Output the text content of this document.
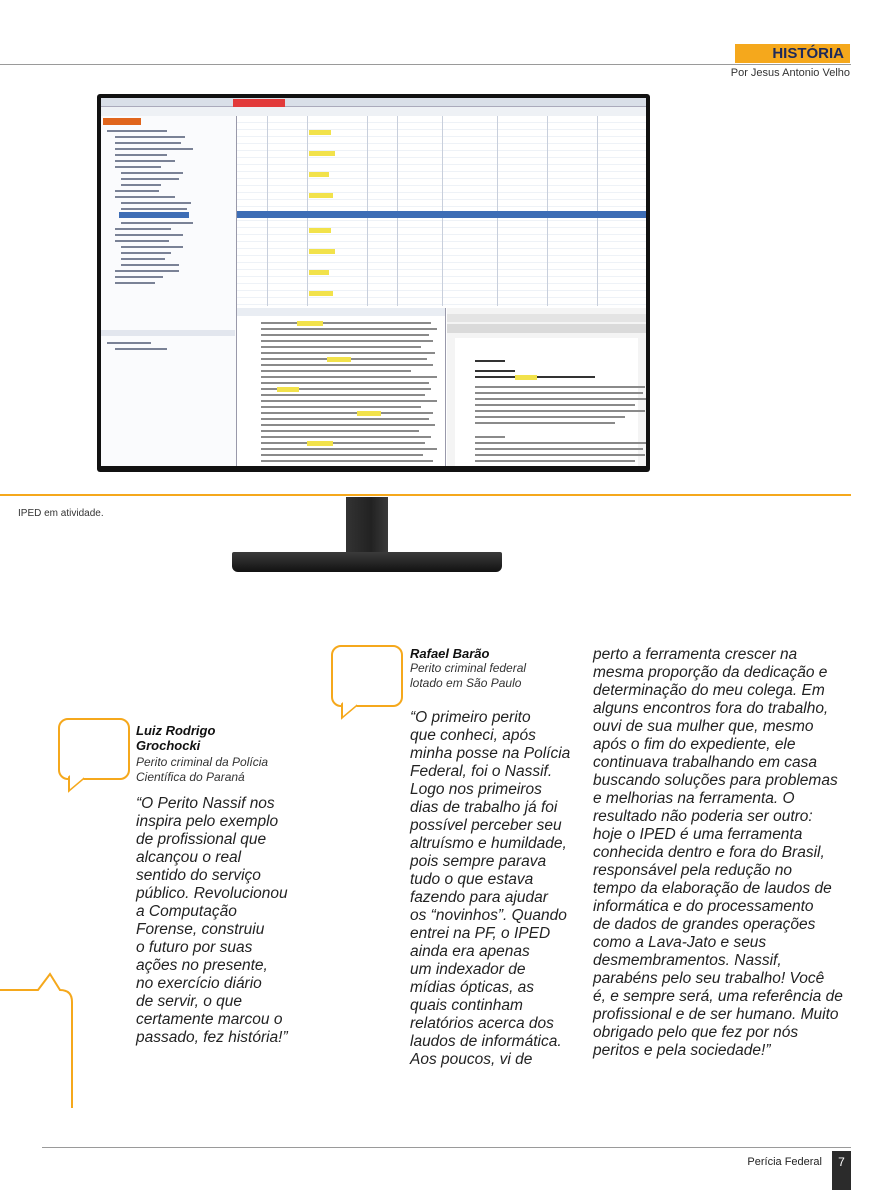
HISTÓRIA
Por Jesus Antonio Velho
IPED em atividade.
Luiz Rodrigo
Grochocki
Perito criminal da Polícia
Científica do Paraná

“O Perito Nassif nos
inspira pelo exemplo
de profissional que
alcançou o real
sentido do serviço
público. Revolucionou
a Computação
Forense, construiu
o futuro por suas
ações no presente,
no exercício diário
de servir, o que
certamente marcou o
passado, fez história!”

Rafael Barão
Perito criminal federal
lotado em São Paulo

“O primeiro perito
que conheci, após
minha posse na Polícia
Federal, foi o Nassif.
Logo nos primeiros
dias de trabalho já foi
possível perceber seu
altruísmo e humildade,
pois sempre parava
tudo o que estava
fazendo para ajudar
os “novinhos”. Quando
entrei na PF, o IPED
ainda era apenas
um indexador de
mídias ópticas, as
quais continham
relatórios acerca dos
laudos de informática.
Aos poucos, vi de

perto a ferramenta crescer na
mesma proporção da dedicação e
determinação do meu colega. Em
alguns encontros fora do trabalho,
ouvi de sua mulher que, mesmo
após o fim do expediente, ele
continuava trabalhando em casa
buscando soluções para problemas
e melhorias na ferramenta. O
resultado não poderia ser outro:
hoje o IPED é uma ferramenta
conhecida dentro e fora do Brasil,
responsável pela redução no
tempo da elaboração de laudos de
informática e do processamento
de dados de grandes operações
como a Lava-Jato e seus
desmembramentos. Nassif,
parabéns pelo seu trabalho! Você
é, e sempre será, uma referência de
profissional e de ser humano. Muito
obrigado pelo que fez por nós
peritos e pela sociedade!”

Perícia Federal	7
